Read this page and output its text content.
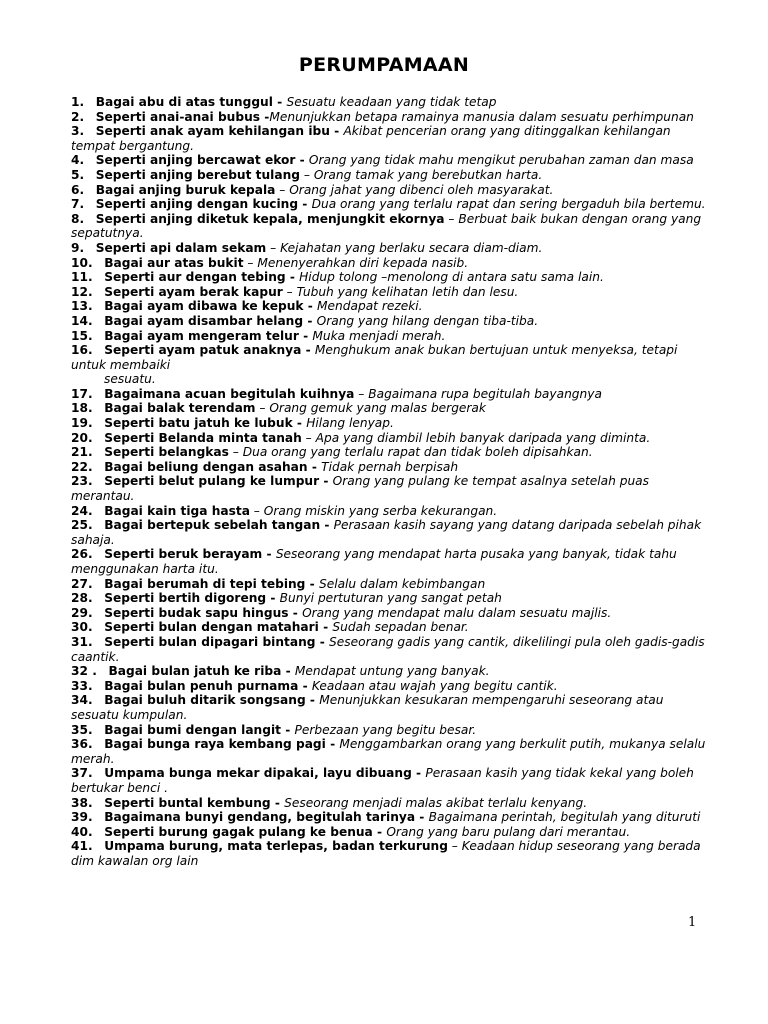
PERUMPAMAAN
1. Bagai abu di atas tunggul - Sesuatu keadaan yang tidak tetap
2. Seperti anai-anai bubus -Menunjukkan betapa ramainya manusia dalam sesuatu perhimpunan
3. Seperti anak ayam kehilangan ibu - Akibat pencerian orang yang ditinggalkan kehilangan tempat bergantung.
4. Seperti anjing bercawat ekor - Orang yang tidak mahu mengikut perubahan zaman dan masa
5. Seperti anjing berebut tulang – Orang tamak yang berebutkan harta.
6. Bagai anjing buruk kepala – Orang jahat yang dibenci oleh masyarakat.
7. Seperti anjing dengan kucing - Dua orang yang terlalu rapat dan sering bergaduh bila bertemu.
8. Seperti anjing diketuk kepala, menjungkit ekornya – Berbuat baik bukan dengan orang yang sepatutnya.
9. Seperti api dalam sekam – Kejahatan yang berlaku secara diam-diam.
10. Bagai aur atas bukit – Menenyerahkan diri kepada nasib.
11. Seperti aur dengan tebing - Hidup tolong –menolong di antara satu sama lain.
12. Seperti ayam berak kapur – Tubuh yang kelihatan letih dan lesu.
13. Bagai ayam dibawa ke kepuk - Mendapat rezeki.
14. Bagai ayam disambar helang - Orang yang hilang dengan tiba-tiba.
15. Bagai ayam mengeram telur - Muka menjadi merah.
16. Seperti ayam patuk anaknya - Menghukum anak bukan bertujuan untuk menyeksa, tetapi untuk membaiki
sesuatu.
17. Bagaimana acuan begitulah kuihnya – Bagaimana rupa begitulah bayangnya
18. Bagai balak terendam – Orang gemuk yang malas bergerak
19. Seperti batu jatuh ke lubuk - Hilang lenyap.
20. Seperti Belanda minta tanah – Apa yang diambil lebih banyak daripada yang diminta.
21. Seperti belangkas – Dua orang yang terlalu rapat dan tidak boleh dipisahkan.
22. Bagai beliung dengan asahan - Tidak pernah berpisah
23. Seperti belut pulang ke lumpur - Orang yang pulang ke tempat asalnya setelah puas merantau.
24. Bagai kain tiga hasta – Orang miskin yang serba kekurangan.
25. Bagai bertepuk sebelah tangan - Perasaan kasih sayang yang datang daripada sebelah pihak sahaja.
26. Seperti beruk berayam - Seseorang yang mendapat harta pusaka yang banyak, tidak tahu menggunakan harta itu.
27. Bagai berumah di tepi tebing - Selalu dalam kebimbangan
28. Seperti bertih digoreng - Bunyi pertuturan yang sangat petah
29. Seperti budak sapu hingus - Orang yang mendapat malu dalam sesuatu majlis.
30. Seperti bulan dengan matahari - Sudah sepadan benar.
31. Seperti bulan dipagari bintang - Seseorang gadis yang cantik, dikelilingi pula oleh gadis-gadis caantik.
32 . Bagai bulan jatuh ke riba - Mendapat untung yang banyak.
33. Bagai bulan penuh purnama - Keadaan atau wajah yang begitu cantik.
34. Bagai buluh ditarik songsang - Menunjukkan kesukaran mempengaruhi seseorang atau sesuatu kumpulan.
35. Bagai bumi dengan langit - Perbezaan yang begitu besar.
36. Bagai bunga raya kembang pagi - Menggambarkan orang yang berkulit putih, mukanya selalu merah.
37. Umpama bunga mekar dipakai, layu dibuang - Perasaan kasih yang tidak kekal yang boleh bertukar benci .
38. Seperti buntal kembung - Seseorang menjadi malas akibat terlalu kenyang.
39. Bagaimana bunyi gendang, begitulah tarinya - Bagaimana perintah, begitulah yang dituruti
40. Seperti burung gagak pulang ke benua - Orang yang baru pulang dari merantau.
41. Umpama burung, mata terlepas, badan terkurung – Keadaan hidup seseorang yang berada dim kawalan org lain
1
